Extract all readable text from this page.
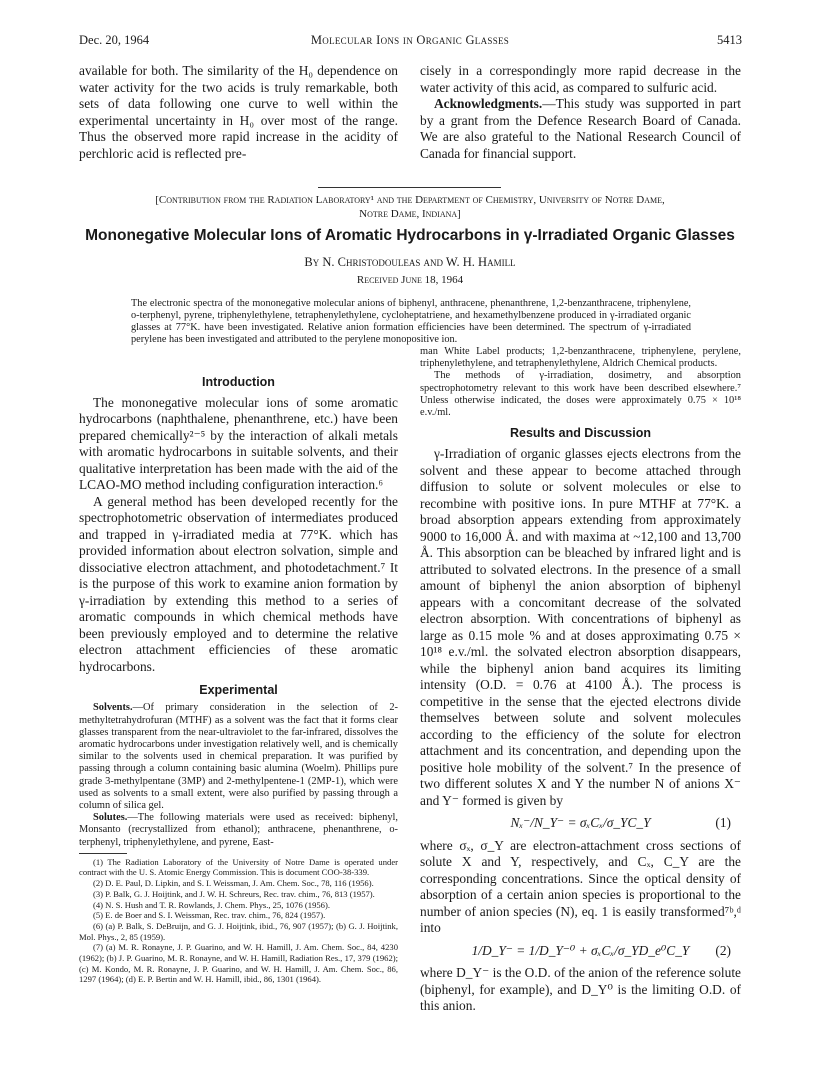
Dec. 20, 1964	Molecular Ions in Organic Glasses	5413

available for both. The similarity of the H₀ dependence on water activity for the two acids is truly remarkable, both sets of data following one curve to well within the experimental uncertainty in H₀ over most of the range. Thus the observed more rapid increase in the acidity of perchloric acid is reflected pre-

cisely in a correspondingly more rapid decrease in the water activity of this acid, as compared to sulfuric acid.

Acknowledgments.—This study was supported in part by a grant from the Defence Research Board of Canada. We are also grateful to the National Research Council of Canada for financial support.

[Contribution from the Radiation Laboratory¹ and the Department of Chemistry, University of Notre Dame,
Notre Dame, Indiana]
Mononegative Molecular Ions of Aromatic Hydrocarbons in γ-Irradiated Organic Glasses
By N. Christodouleas and W. H. Hamill
Received June 18, 1964
The electronic spectra of the mononegative molecular anions of biphenyl, anthracene, phenanthrene, 1,2-benzanthracene, triphenylene, o-terphenyl, pyrene, triphenylethylene, tetraphenylethylene, cycloheptatriene, and hexamethylbenzene produced in γ-irradiated organic glasses at 77°K. have been investigated. Relative anion formation efficiencies have been determined. The spectrum of γ-irradiated perylene has been investigated and attributed to the perylene monopositive ion.

Introduction

The mononegative molecular ions of some aromatic hydrocarbons (naphthalene, phenanthrene, etc.) have been prepared chemically²⁻⁵ by the interaction of alkali metals with aromatic hydrocarbons in suitable solvents, and their qualitative interpretation has been made with the aid of the LCAO-MO method including configuration interaction.⁶

A general method has been developed recently for the spectrophotometric observation of intermediates produced and trapped in γ-irradiated media at 77°K. which has provided information about electron solvation, simple and dissociative electron attachment, and photodetachment.⁷ It is the purpose of this work to examine anion formation by γ-irradiation by extending this method to a series of aromatic compounds in which chemical methods have been previously employed and to determine the relative electron attachment efficiencies of these aromatic hydrocarbons.

Experimental

Solvents.—Of primary consideration in the selection of 2-methyltetrahydrofuran (MTHF) as a solvent was the fact that it forms clear glasses transparent from the near-ultraviolet to the far-infrared, dissolves the aromatic hydrocarbons under investigation relatively well, and is chemically similar to the solvents used in chemical preparation. It was purified by passing through a column containing basic alumina (Woelm). Phillips pure grade 3-methylpentane (3MP) and 2-methylpentene-1 (2MP-1), which were used as solvents to a small extent, were also purified by passing through a column of silica gel.

Solutes.—The following materials were used as received: biphenyl, Monsanto (recrystallized from ethanol); anthracene, phenanthrene, o-terphenyl, triphenylethylene, and pyrene, East-

(1) The Radiation Laboratory of the University of Notre Dame is operated under contract with the U. S. Atomic Energy Commission. This is document COO-38-339.
(2) D. E. Paul, D. Lipkin, and S. I. Weissman, J. Am. Chem. Soc., 78, 116 (1956).
(3) P. Balk, G. J. Hoijtink, and J. W. H. Schreurs, Rec. trav. chim., 76, 813 (1957).
(4) N. S. Hush and T. R. Rowlands, J. Chem. Phys., 25, 1076 (1956).
(5) E. de Boer and S. I. Weissman, Rec. trav. chim., 76, 824 (1957).
(6) (a) P. Balk, S. DeBruijn, and G. J. Hoijtink, ibid., 76, 907 (1957); (b) G. J. Hoijtink, Mol. Phys., 2, 85 (1959).
(7) (a) M. R. Ronayne, J. P. Guarino, and W. H. Hamill, J. Am. Chem. Soc., 84, 4230 (1962); (b) J. P. Guarino, M. R. Ronayne, and W. H. Hamill, Radiation Res., 17, 379 (1962); (c) M. Kondo, M. R. Ronayne, J. P. Guarino, and W. H. Hamill, J. Am. Chem. Soc., 86, 1297 (1964); (d) E. P. Bertin and W. H. Hamill, ibid., 86, 1301 (1964).

man White Label products; 1,2-benzanthracene, triphenylene, perylene, triphenylethylene, and tetraphenylethylene, Aldrich Chemical products.

The methods of γ-irradiation, dosimetry, and absorption spectrophotometry relevant to this work have been described elsewhere.⁷ Unless otherwise indicated, the doses were approximately 0.75 × 10¹⁸ e.v./ml.

Results and Discussion

γ-Irradiation of organic glasses ejects electrons from the solvent and these appear to become attached through diffusion to solute or solvent molecules or else to recombine with positive ions. In pure MTHF at 77°K. a broad absorption appears extending from approximately 9000 to 16,000 Å. and with maxima at ~12,100 and 13,700 Å. This absorption can be bleached by infrared light and is attributed to solvated electrons. In the presence of a small amount of biphenyl the anion absorption of biphenyl appears with a concomitant decrease of the solvated electron absorption. With concentrations of biphenyl as large as 0.15 mole % and at doses approximating 0.75 × 10¹⁸ e.v./ml. the solvated electron absorption disappears, while the biphenyl anion band acquires its limiting intensity (O.D. = 0.76 at 4100 Å.). The process is competitive in the sense that the ejected electrons divide themselves between solute and solvent molecules according to the efficiency of the solute for electron attachment and its concentration, and depending upon the positive hole mobility of the solvent.⁷ In the presence of two different solutes X and Y the number N of anions X⁻ and Y⁻ formed is given by

Nₓ⁻/N_Y⁻ = σₓCₓ/σ_YC_Y	(1)

where σₓ, σ_Y are electron-attachment cross sections of solute X and Y, respectively, and Cₓ, C_Y are the corresponding concentrations. Since the optical density of absorption of a certain anion species is proportional to the number of anion species (N), eq. 1 is easily transformed⁷ᵇ,ᵈ into

1/D_Y⁻ = 1/D_Y⁻⁰ + σₓCₓ/σ_YD_e⁰C_Y (2)

where D_Y⁻ is the O.D. of the anion of the reference solute (biphenyl, for example), and D_Y⁰ is the limiting O.D. of this anion.
